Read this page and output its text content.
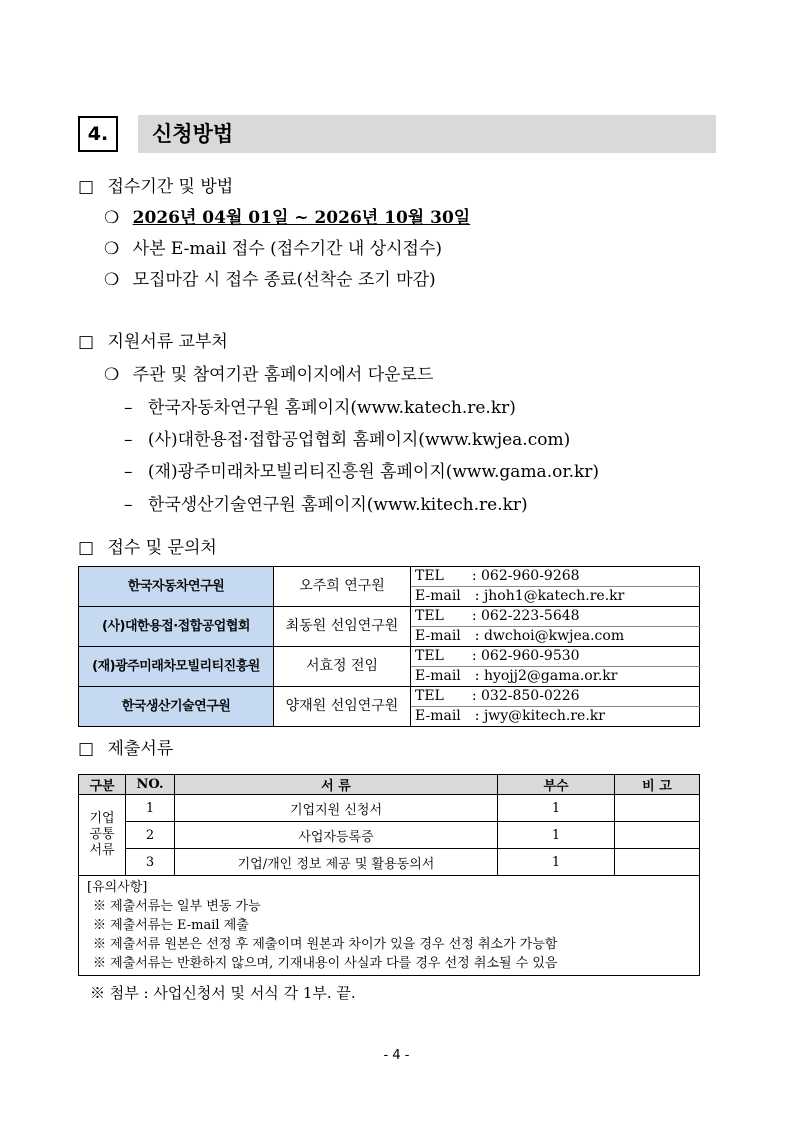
4.	신청방법
□ 접수기간 및 방법
❍ 2026년 04월 01일 ~ 2026년 10월 30일
❍ 사본 E-mail 접수 (접수기간 내 상시접수)
❍ 모집마감 시 접수 종료(선착순 조기 마감)
□ 지원서류 교부처
❍ 주관 및 참여기관 홈페이지에서 다운로드
– 한국자동차연구원 홈페이지(www.katech.re.kr)
– (사)대한용접·접합공업협회 홈페이지(www.kwjea.com)
– (재)광주미래차모빌리티진흥원 홈페이지(www.gama.or.kr)
– 한국생산기술연구원 홈페이지(www.kitech.re.kr)
□ 접수 및 문의처
한국자동차연구원	오주희 연구원	TEL　　: 062-960-9268
		E-mail　: jhoh1@katech.re.kr
(사)대한용접·접합공업협회	최동원 선임연구원	TEL　　: 062-223-5648
		E-mail　: dwchoi@kwjea.com
(재)광주미래차모빌리티진흥원	서효정 전임	TEL　　: 062-960-9530
		E-mail　: hyojj2@gama.or.kr
한국생산기술연구원	양재원 선임연구원	TEL　　: 032-850-0226
		E-mail　: jwy@kitech.re.kr
□ 제출서류
구분	NO.	서 류	부수	비 고
기업
공통
서류	1	기업지원 신청서	1	
	2	사업자등록증	1	
	3	기업/개인 정보 제공 및 활용동의서	1	

[유의사항]
※ 제출서류는 일부 변동 가능
※ 제출서류는 E-mail 제출
※ 제출서류 원본은 선정 후 제출이며 원본과 차이가 있을 경우 선정 취소가 가능함
※ 제출서류는 반환하지 않으며, 기재내용이 사실과 다를 경우 선정 취소될 수 있음				
※ 첨부 : 사업신청서 및 서식 각 1부. 끝.
- 4 -
